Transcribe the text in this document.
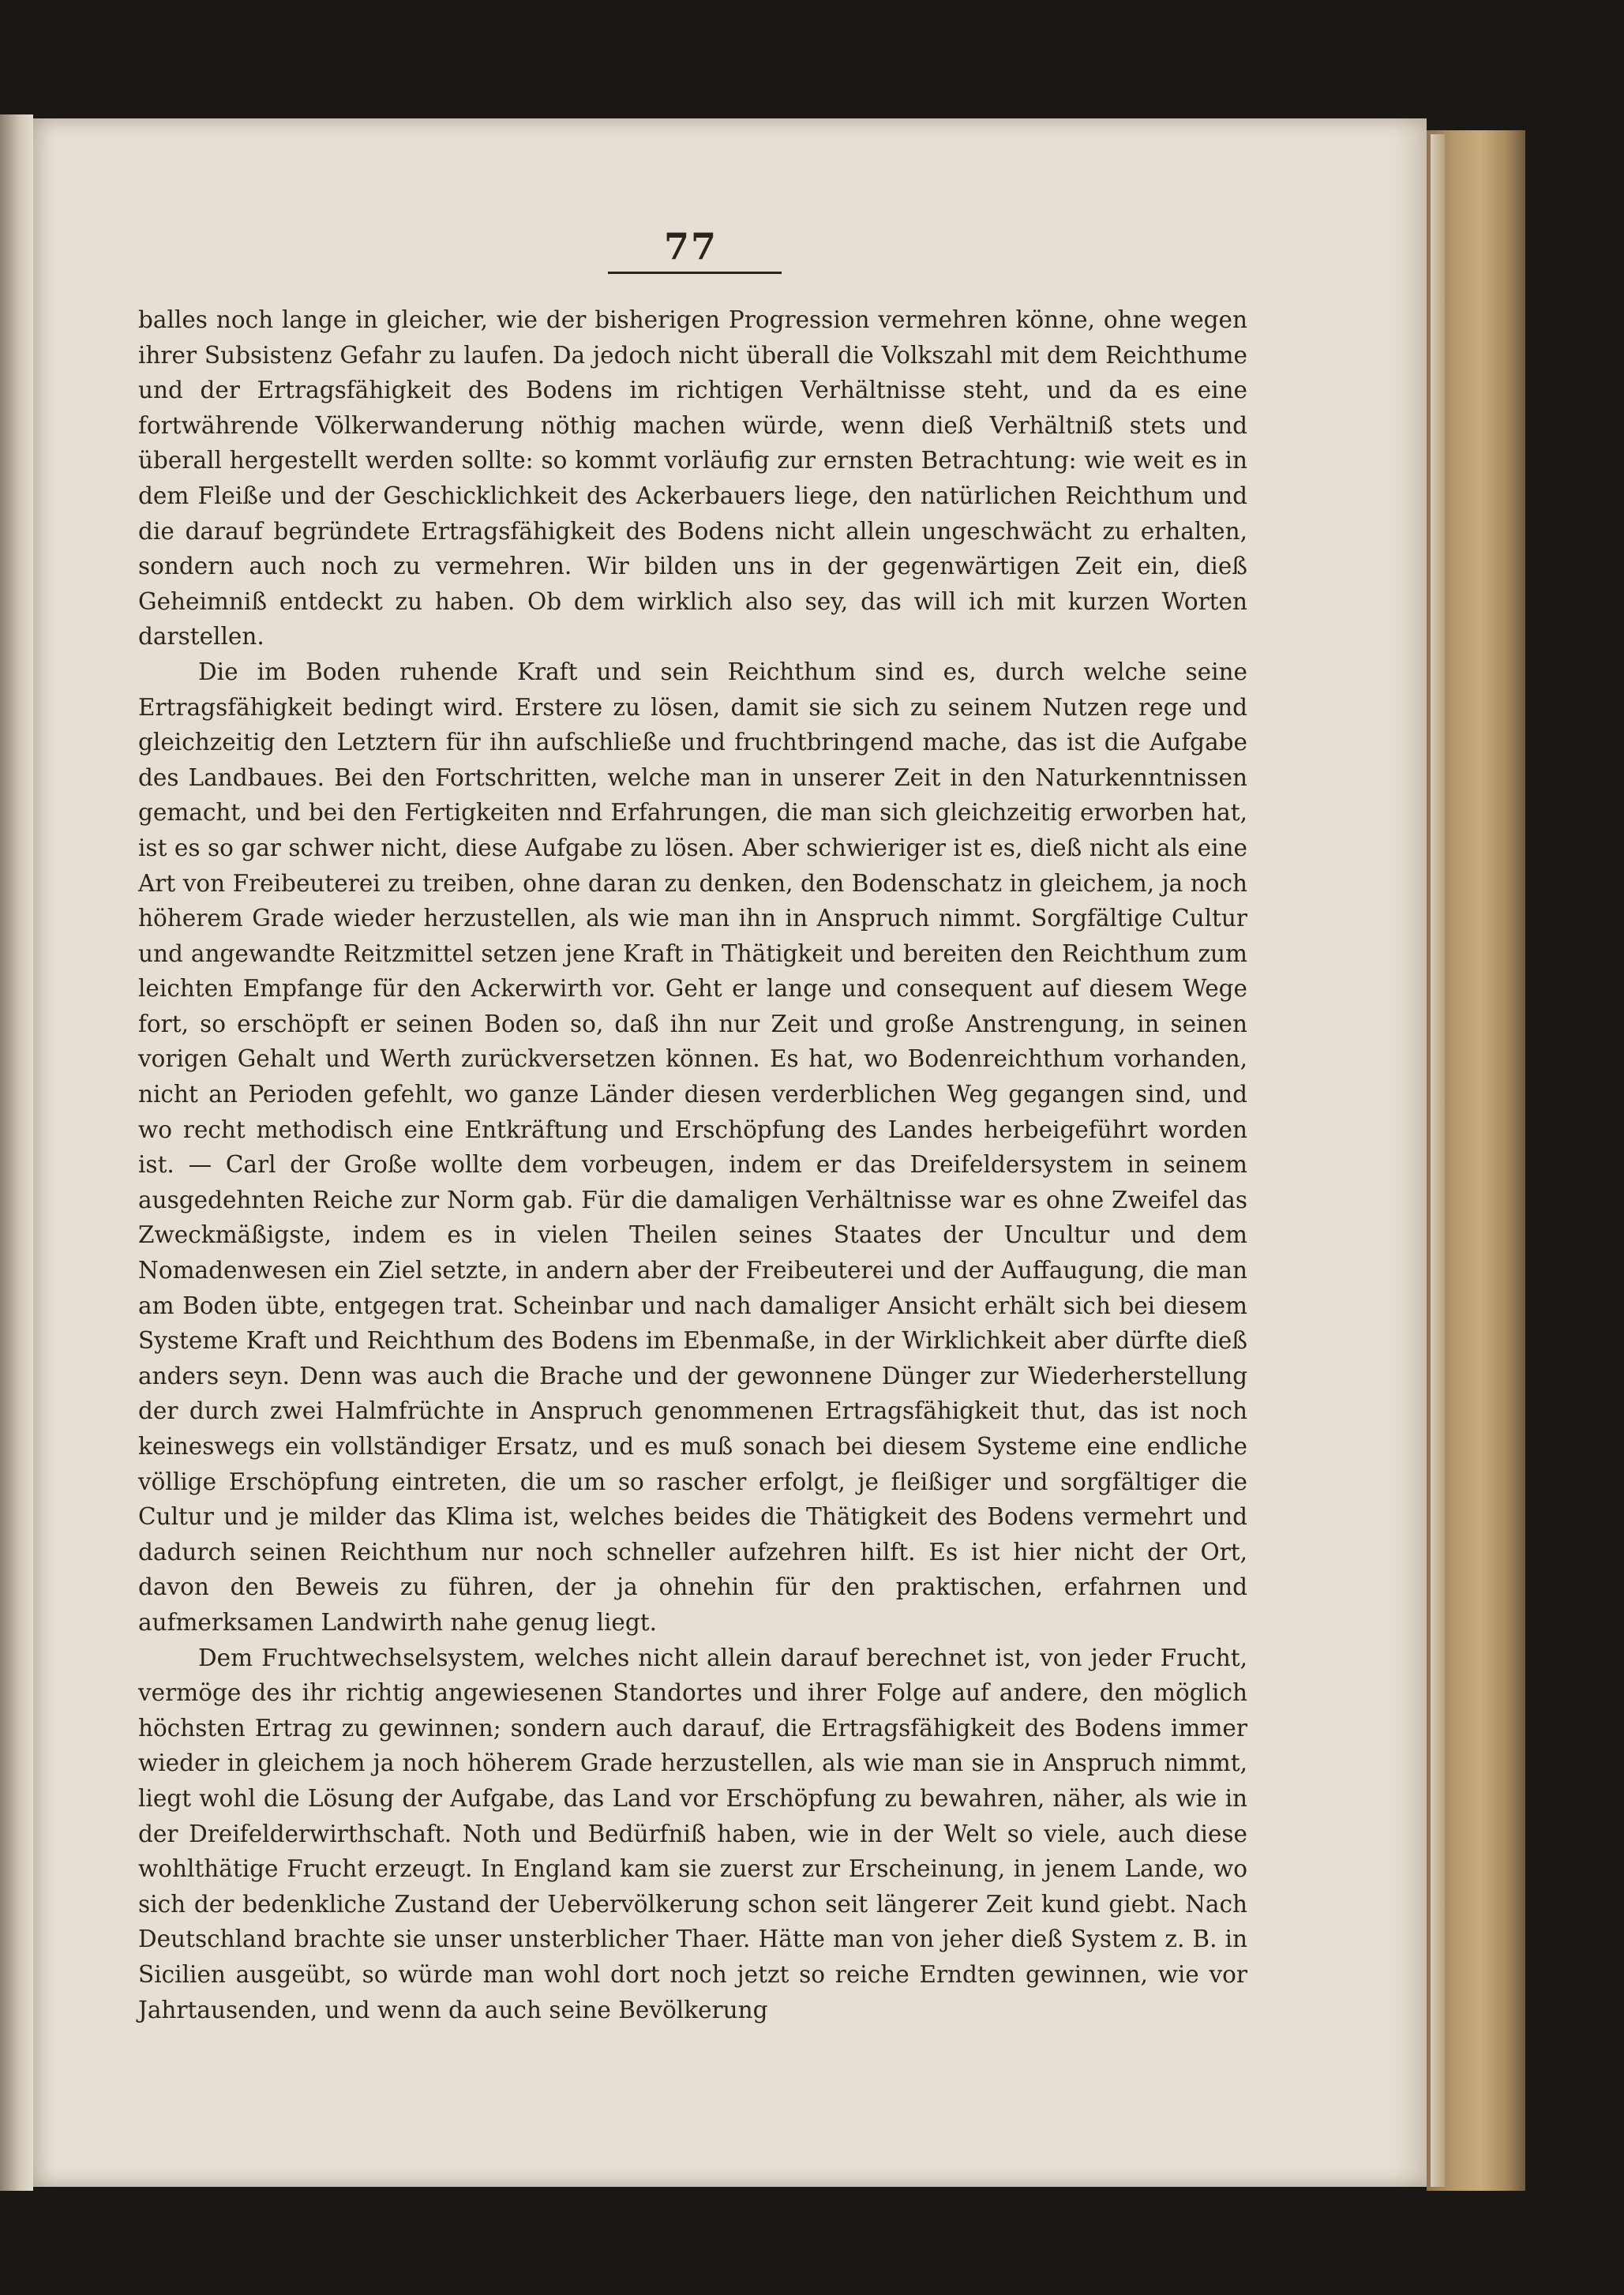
77

balles noch lange in gleicher, wie der bisherigen Progression vermehren könne, ohne wegen ihrer Subsistenz Gefahr zu laufen. Da jedoch nicht überall die Volkszahl mit dem Reichthume und der Ertragsfähigkeit des Bodens im richtigen Verhältnisse steht, und da es eine fortwährende Völkerwanderung nöthig machen würde, wenn dieß Verhältniß stets und überall hergestellt werden sollte: so kommt vorläufig zur ernsten Betrachtung: wie weit es in dem Fleiße und der Geschicklichkeit des Ackerbauers liege, den natürlichen Reichthum und die darauf begründete Ertragsfähigkeit des Bodens nicht allein ungeschwächt zu erhalten, sondern auch noch zu vermehren. Wir bilden uns in der gegenwärtigen Zeit ein, dieß Geheimniß entdeckt zu haben. Ob dem wirklich also sey, das will ich mit kurzen Worten darstellen.

Die im Boden ruhende Kraft und sein Reichthum sind es, durch welche seine Ertragsfähigkeit bedingt wird. Erstere zu lösen, damit sie sich zu seinem Nutzen rege und gleichzeitig den Letztern für ihn aufschließe und fruchtbringend mache, das ist die Aufgabe des Landbaues. Bei den Fortschritten, welche man in unserer Zeit in den Naturkenntnissen gemacht, und bei den Fertigkeiten nnd Erfahrungen, die man sich gleichzeitig erworben hat, ist es so gar schwer nicht, diese Aufgabe zu lösen. Aber schwieriger ist es, dieß nicht als eine Art von Freibeuterei zu treiben, ohne daran zu denken, den Bodenschatz in gleichem, ja noch höherem Grade wieder herzustellen, als wie man ihn in Anspruch nimmt. Sorgfältige Cultur und angewandte Reitzmittel setzen jene Kraft in Thätigkeit und bereiten den Reichthum zum leichten Empfange für den Ackerwirth vor. Geht er lange und consequent auf diesem Wege fort, so erschöpft er seinen Boden so, daß ihn nur Zeit und große Anstrengung, in seinen vorigen Gehalt und Werth zurückversetzen können. Es hat, wo Bodenreichthum vorhanden, nicht an Perioden gefehlt, wo ganze Länder diesen verderblichen Weg gegangen sind, und wo recht methodisch eine Entkräftung und Erschöpfung des Landes herbeigeführt worden ist. — Carl der Große wollte dem vorbeugen, indem er das Dreifeldersystem in seinem ausgedehnten Reiche zur Norm gab. Für die damaligen Verhältnisse war es ohne Zweifel das Zweckmäßigste, indem es in vielen Theilen seines Staates der Uncultur und dem Nomadenwesen ein Ziel setzte, in andern aber der Freibeuterei und der Auffaugung, die man am Boden übte, entgegen trat. Scheinbar und nach damaliger Ansicht erhält sich bei diesem Systeme Kraft und Reichthum des Bodens im Ebenmaße, in der Wirklichkeit aber dürfte dieß anders seyn. Denn was auch die Brache und der gewonnene Dünger zur Wiederherstellung der durch zwei Halmfrüchte in Anspruch genommenen Ertragsfähigkeit thut, das ist noch keineswegs ein vollständiger Ersatz, und es muß sonach bei diesem Systeme eine endliche völlige Erschöpfung eintreten, die um so rascher erfolgt, je fleißiger und sorgfältiger die Cultur und je milder das Klima ist, welches beides die Thätigkeit des Bodens vermehrt und dadurch seinen Reichthum nur noch schneller aufzehren hilft. Es ist hier nicht der Ort, davon den Beweis zu führen, der ja ohnehin für den praktischen, erfahrnen und aufmerksamen Landwirth nahe genug liegt.

Dem Fruchtwechselsystem, welches nicht allein darauf berechnet ist, von jeder Frucht, vermöge des ihr richtig angewiesenen Standortes und ihrer Folge auf andere, den möglich höchsten Ertrag zu gewinnen; sondern auch darauf, die Ertragsfähigkeit des Bodens immer wieder in gleichem ja noch höherem Grade herzustellen, als wie man sie in Anspruch nimmt, liegt wohl die Lösung der Aufgabe, das Land vor Erschöpfung zu bewahren, näher, als wie in der Dreifelderwirthschaft. Noth und Bedürfniß haben, wie in der Welt so viele, auch diese wohlthätige Frucht erzeugt. In England kam sie zuerst zur Erscheinung, in jenem Lande, wo sich der bedenkliche Zustand der Uebervölkerung schon seit längerer Zeit kund giebt. Nach Deutschland brachte sie unser unsterblicher Thaer. Hätte man von jeher dieß System z. B. in Sicilien ausgeübt, so würde man wohl dort noch jetzt so reiche Erndten gewinnen, wie vor Jahrtausenden, und wenn da auch seine Bevölkerung
